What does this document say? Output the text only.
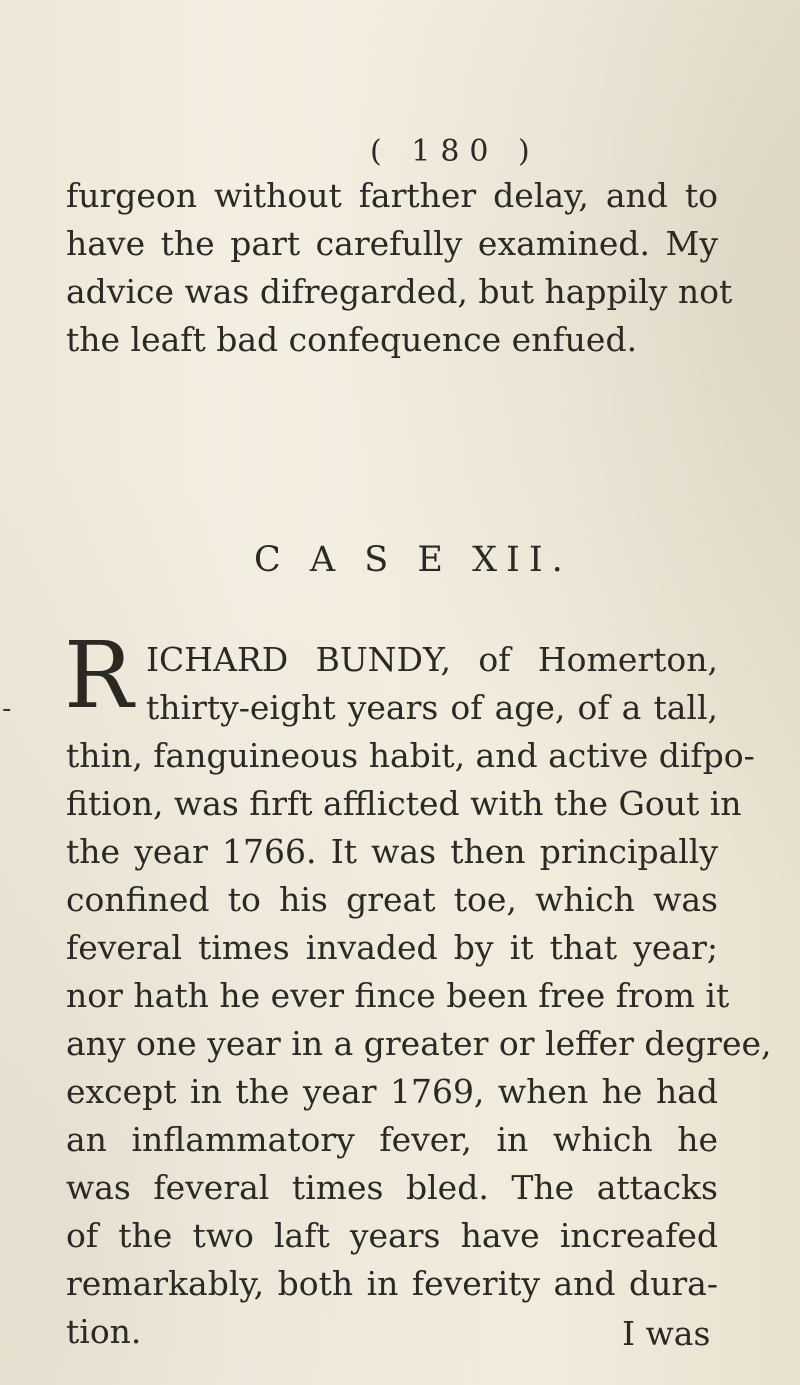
-
( 180 )
furgeon without farther delay, and to
have the part carefully examined. My
advice was difregarded, but happily not
the leaft bad confequence enfued.
C A S E XII.
R ICHARD BUNDY, of Homerton,
thirty-eight years of age, of a tall,
thin, fanguineous habit, and active difpo-
fition, was firft afflicted with the Gout in
the year 1766. It was then principally
confined to his great toe, which was
feveral times invaded by it that year;
nor hath he ever fince been free from it
any one year in a greater or leffer degree,
except in the year 1769, when he had
an inflammatory fever, in which he
was feveral times bled. The attacks
of the two laft years have increafed
remarkably, both in feverity and dura-
tion.	I was
